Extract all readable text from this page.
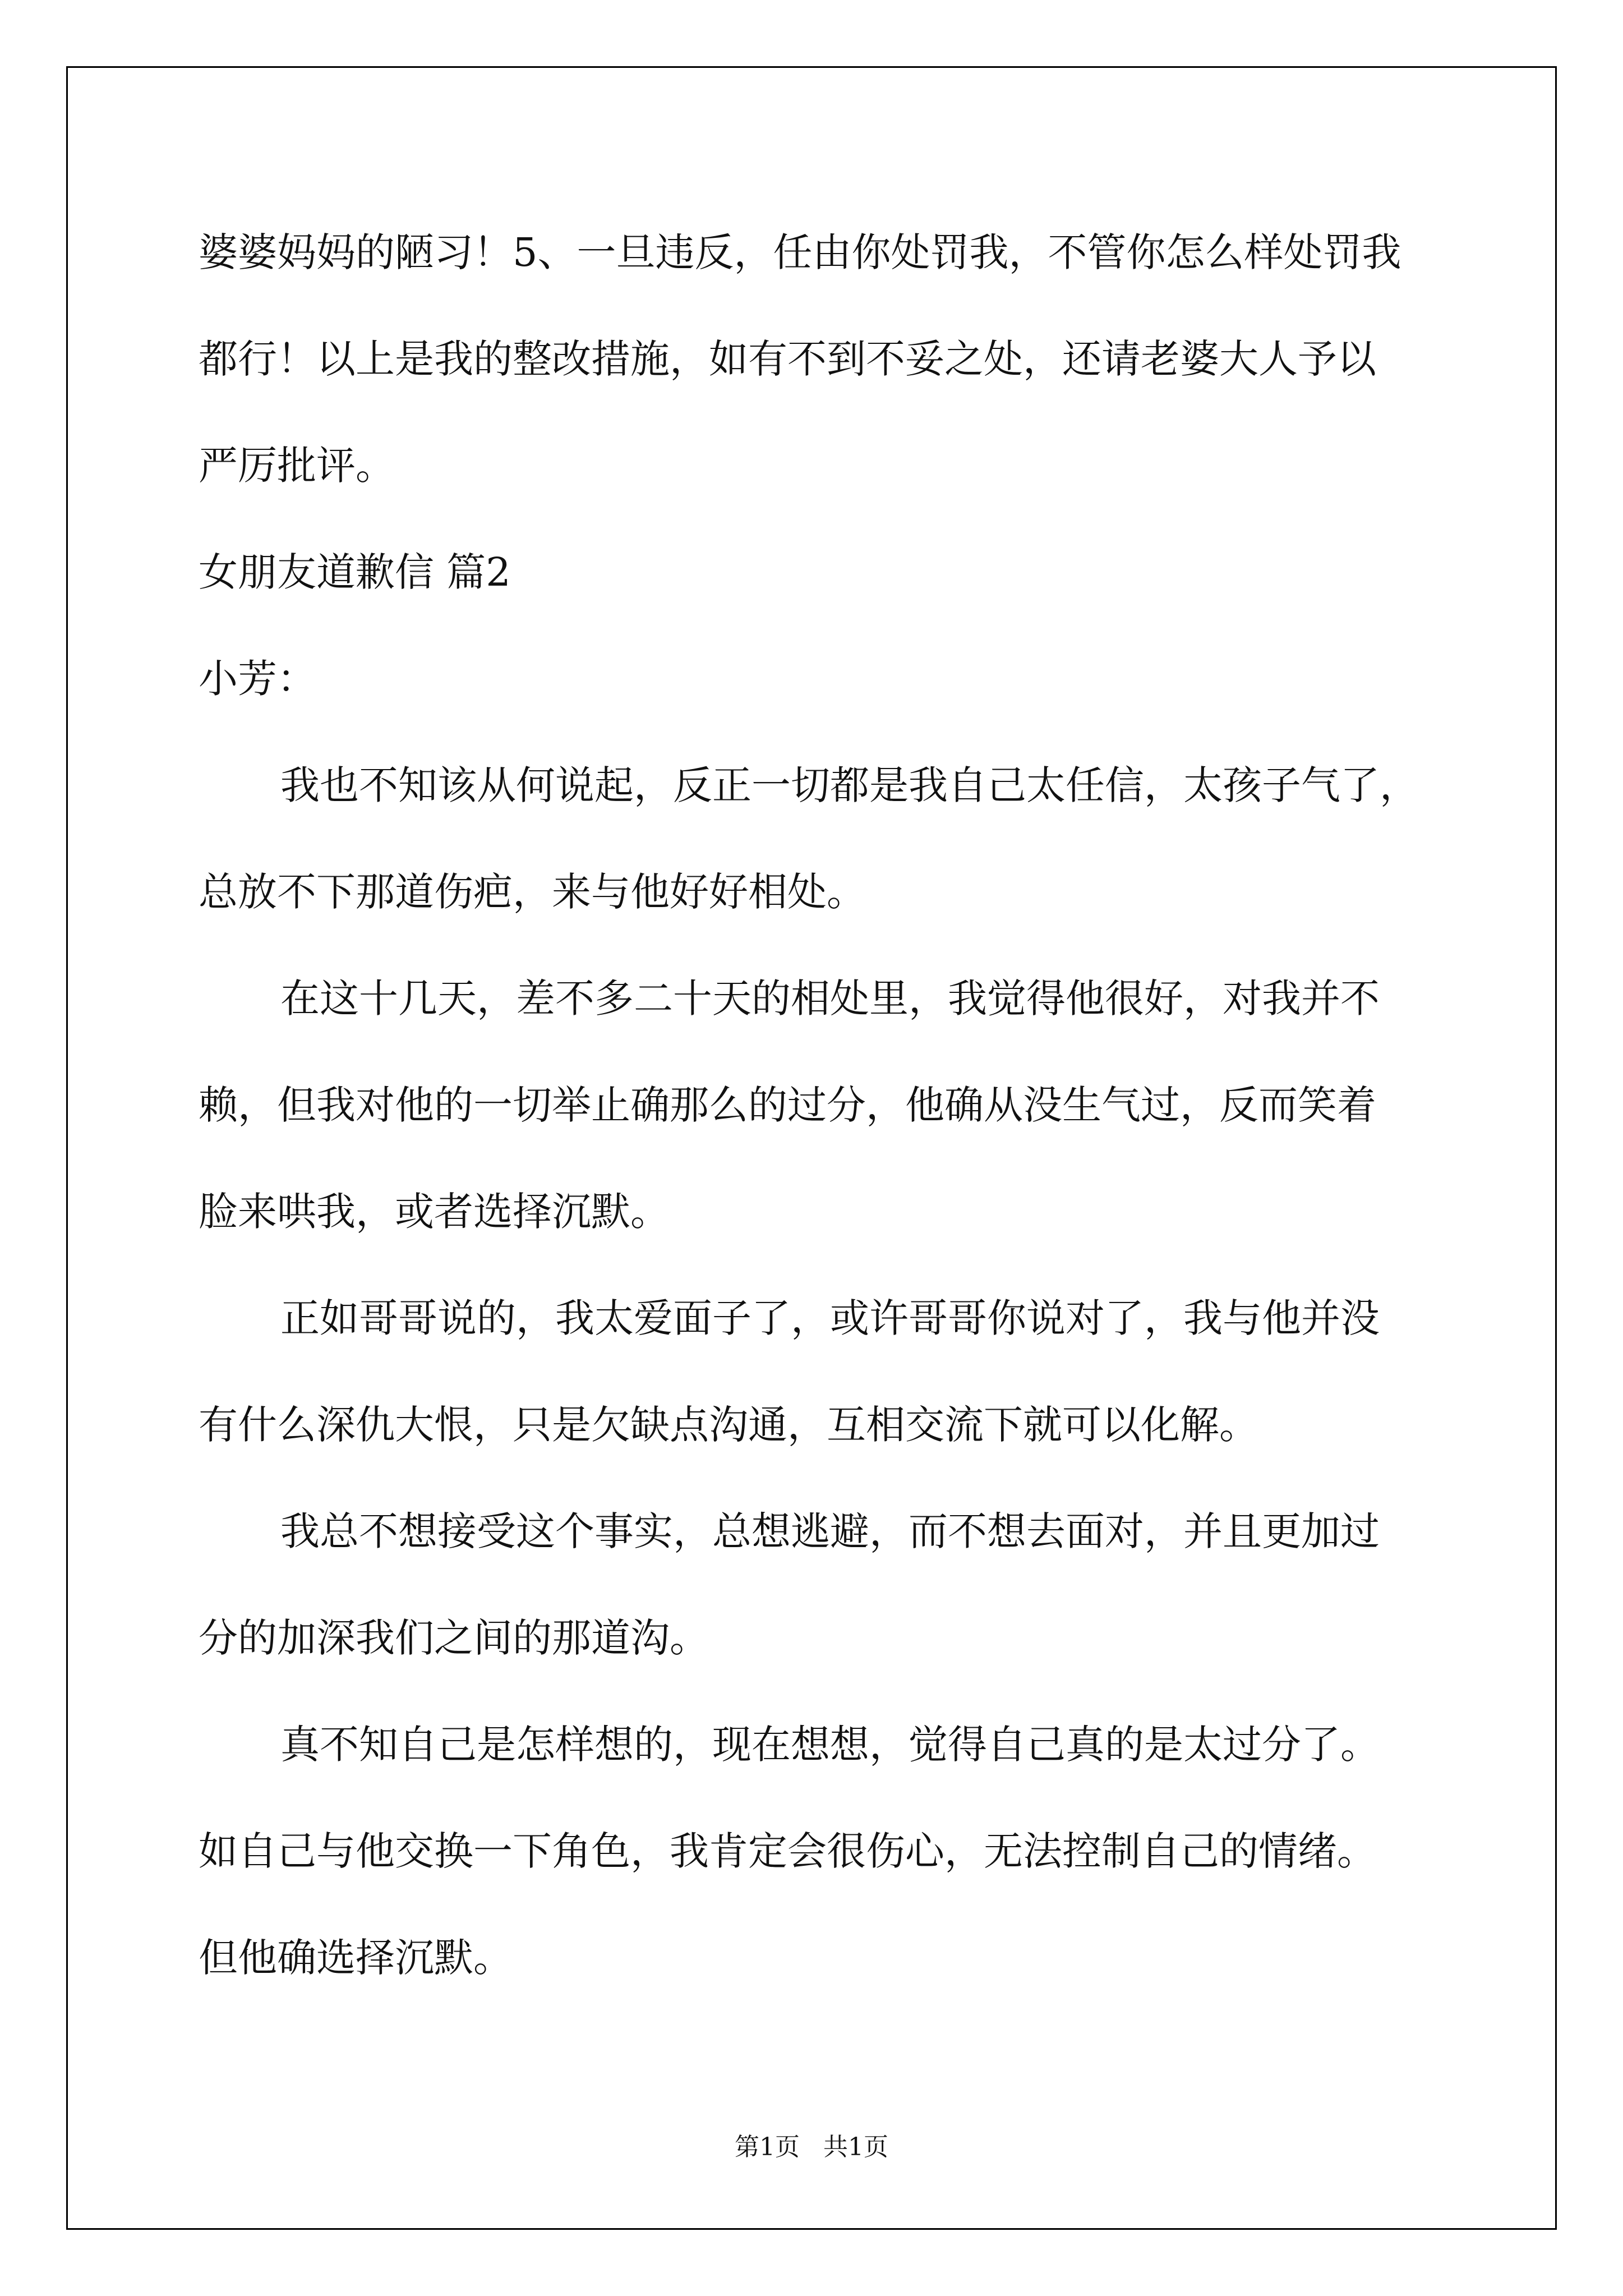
婆婆妈妈的陋习！5、一旦违反，任由你处罚我，不管你怎么样处罚我

都行！以上是我的整改措施，如有不到不妥之处，还请老婆大人予以

严厉批评。

女朋友道歉信 篇2

小芳：

我也不知该从何说起，反正一切都是我自己太任信，太孩子气了，

总放不下那道伤疤，来与他好好相处。

在这十几天，差不多二十天的相处里，我觉得他很好，对我并不

赖，但我对他的一切举止确那么的过分，他确从没生气过，反而笑着

脸来哄我，或者选择沉默。

正如哥哥说的，我太爱面子了，或许哥哥你说对了，我与他并没

有什么深仇大恨，只是欠缺点沟通，互相交流下就可以化解。

我总不想接受这个事实，总想逃避，而不想去面对，并且更加过

分的加深我们之间的那道沟。

真不知自己是怎样想的，现在想想，觉得自己真的是太过分了。

如自己与他交换一下角色，我肯定会很伤心，无法控制自己的情绪。

但他确选择沉默。

第1页   共1页
